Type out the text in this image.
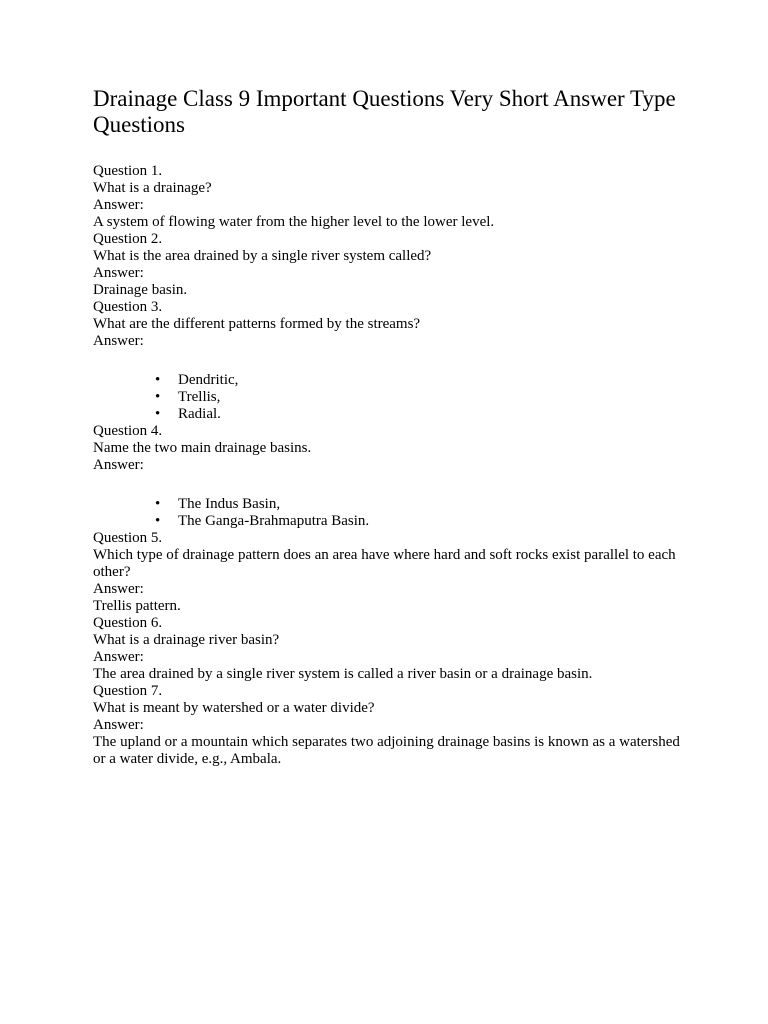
Drainage Class 9 Important Questions Very Short Answer Type Questions
Question 1.
What is a drainage?
Answer:
A system of flowing water from the higher level to the lower level.
Question 2.
What is the area drained by a single river system called?
Answer:
Drainage basin.
Question 3.
What are the different patterns formed by the streams?
Answer:
• Dendritic,
• Trellis,
• Radial.
Question 4.
Name the two main drainage basins.
Answer:
• The Indus Basin,
• The Ganga-Brahmaputra Basin.
Question 5.
Which type of drainage pattern does an area have where hard and soft rocks exist parallel to each other?
Answer:
Trellis pattern.
Question 6.
What is a drainage river basin?
Answer:
The area drained by a single river system is called a river basin or a drainage basin.
Question 7.
What is meant by watershed or a water divide?
Answer:
The upland or a mountain which separates two adjoining drainage basins is known as a watershed or a water divide, e.g., Ambala.
